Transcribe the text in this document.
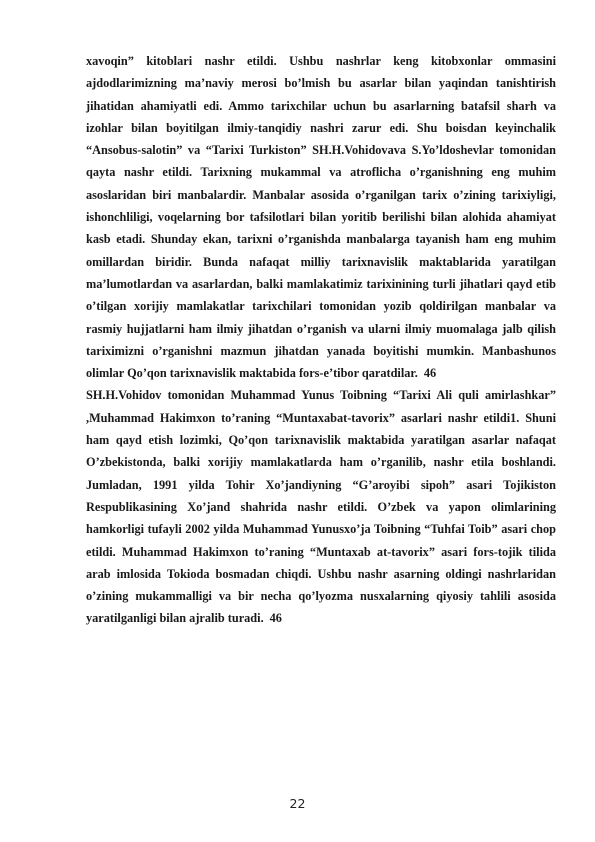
xavoqin” kitoblari nashr etildi. Ushbu nashrlar keng kitobxonlar ommasini ajdodlarimizning ma’naviy merosi bo’lmish bu asarlar bilan yaqindan tanishtirish jihatidan ahamiyatli edi. Ammo tarixchilar uchun bu asarlarning batafsil sharh va izohlar bilan boyitilgan ilmiy-tanqidiy nashri zarur edi. Shu boisdan keyinchalik “Ansobus-salotin” va “Tarixi Turkiston” SH.H.Vohidovava S.Yo’ldoshevlar tomonidan qayta nashr etildi. Tarixning mukammal va atroflicha o’rganishning eng muhim asoslaridan biri manbalardir. Manbalar asosida o’rganilgan tarix o’zining tarixiyligi, ishonchliligi, voqelarning bor tafsilotlari bilan yoritib berilishi bilan alohida ahamiyat kasb etadi. Shunday ekan, tarixni o’rganishda manbalarga tayanish ham eng muhim omillardan biridir. Bunda nafaqat milliy tarixnavislik maktablarida yaratilgan ma’lumotlardan va asarlardan, balki mamlakatimiz tarixinining turli jihatlari qayd etib o’tilgan xorijiy mamlakatlar tarixchilari tomonidan yozib qoldirilgan manbalar va rasmiy hujjatlarni ham ilmiy jihatdan o’rganish va ularni ilmiy muomalaga jalb qilish tariximizni o’rganishni mazmun jihatdan yanada boyitishi mumkin. Manbashunos olimlar Qo’qon tarixnavislik maktabida fors-e’tibor qaratdilar. 46

SH.H.Vohidov tomonidan Muhammad Yunus Toibning “Tarixi Ali quli amirlashkar” ,Muhammad Hakimxon to’raning “Muntaxabat-tavorix” asarlari nashr etildi1. Shuni ham qayd etish lozimki, Qo’qon tarixnavislik maktabida yaratilgan asarlar nafaqat O’zbekistonda, balki xorijiy mamlakatlarda ham o’rganilib, nashr etila boshlandi. Jumladan, 1991 yilda Tohir Xo’jandiyning “G’aroyibi sipoh” asari Tojikiston Respublikasining Xo’jand shahrida nashr etildi. O’zbek va yapon olimlarining hamkorligi tufayli 2002 yilda Muhammad Yunusxo’ja Toibning “Tuhfai Toib” asari chop etildi. Muhammad Hakimxon to’raning “Muntaxab at-tavorix” asari fors-tojik tilida arab imlosida Tokioda bosmadan chiqdi. Ushbu nashr asarning oldingi nashrlaridan o’zining mukammalligi va bir necha qo’lyozma nusxalarning qiyosiy tahlili asosida yaratilganligi bilan ajralib turadi. 46

22
